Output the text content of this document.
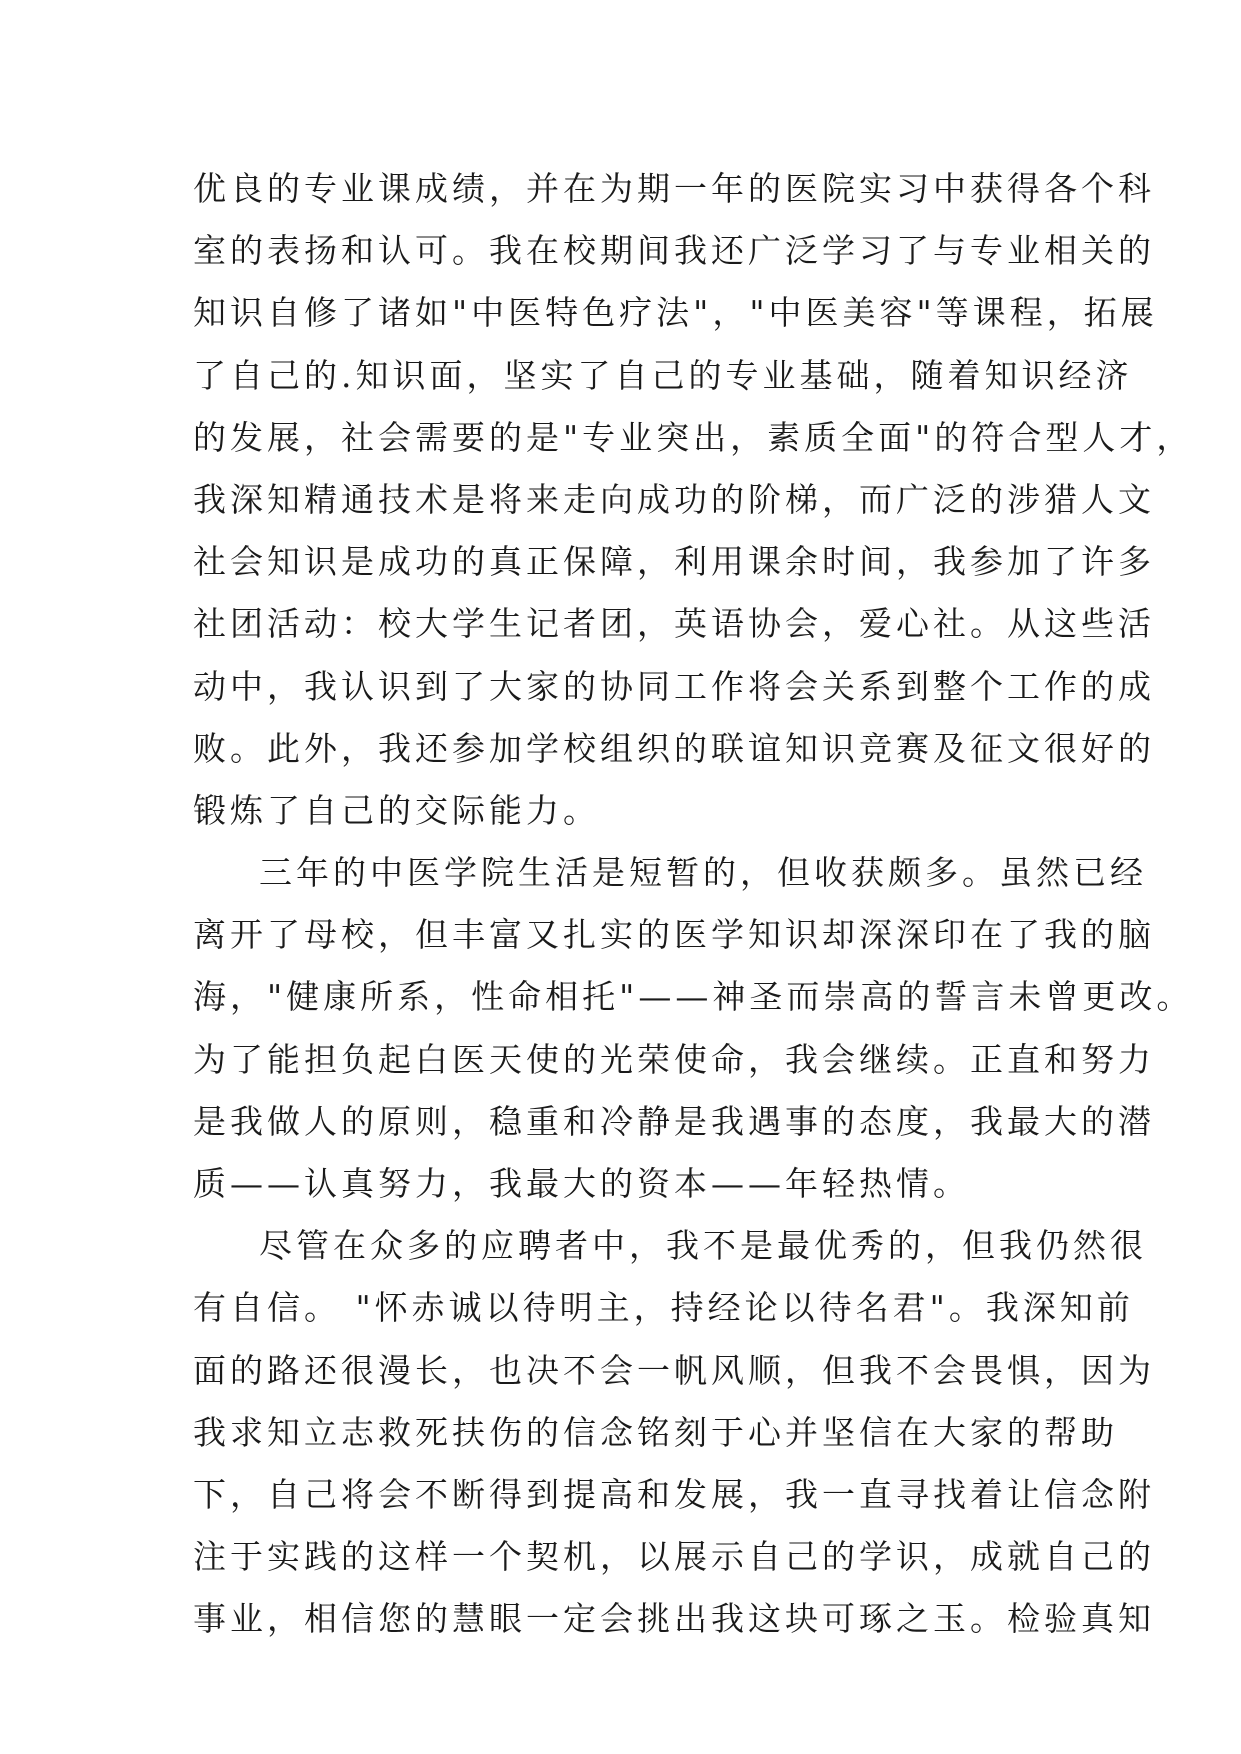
优良的专业课成绩，并在为期一年的医院实习中获得各个科
室的表扬和认可。我在校期间我还广泛学习了与专业相关的
知识自修了诸如"中医特色疗法"，"中医美容"等课程，拓展
了自己的.知识面，坚实了自己的专业基础，随着知识经济
的发展，社会需要的是"专业突出，素质全面"的符合型人才，
我深知精通技术是将来走向成功的阶梯，而广泛的涉猎人文
社会知识是成功的真正保障，利用课余时间，我参加了许多
社团活动：校大学生记者团，英语协会，爱心社。从这些活
动中，我认识到了大家的协同工作将会关系到整个工作的成
败。此外，我还参加学校组织的联谊知识竞赛及征文很好的
锻炼了自己的交际能力。
三年的中医学院生活是短暂的，但收获颇多。虽然已经
离开了母校，但丰富又扎实的医学知识却深深印在了我的脑
海，"健康所系，性命相托"——神圣而崇高的誓言未曾更改。
为了能担负起白医天使的光荣使命，我会继续。正直和努力
是我做人的原则，稳重和冷静是我遇事的态度，我最大的潜
质——认真努力，我最大的资本——年轻热情。
尽管在众多的应聘者中，我不是最优秀的，但我仍然很
有自信。 "怀赤诚以待明主，持经论以待名君"。我深知前
面的路还很漫长，也决不会一帆风顺，但我不会畏惧，因为
我求知立志救死扶伤的信念铭刻于心并坚信在大家的帮助
下，自己将会不断得到提高和发展，我一直寻找着让信念附
注于实践的这样一个契机，以展示自己的学识，成就自己的
事业，相信您的慧眼一定会挑出我这块可琢之玉。检验真知
